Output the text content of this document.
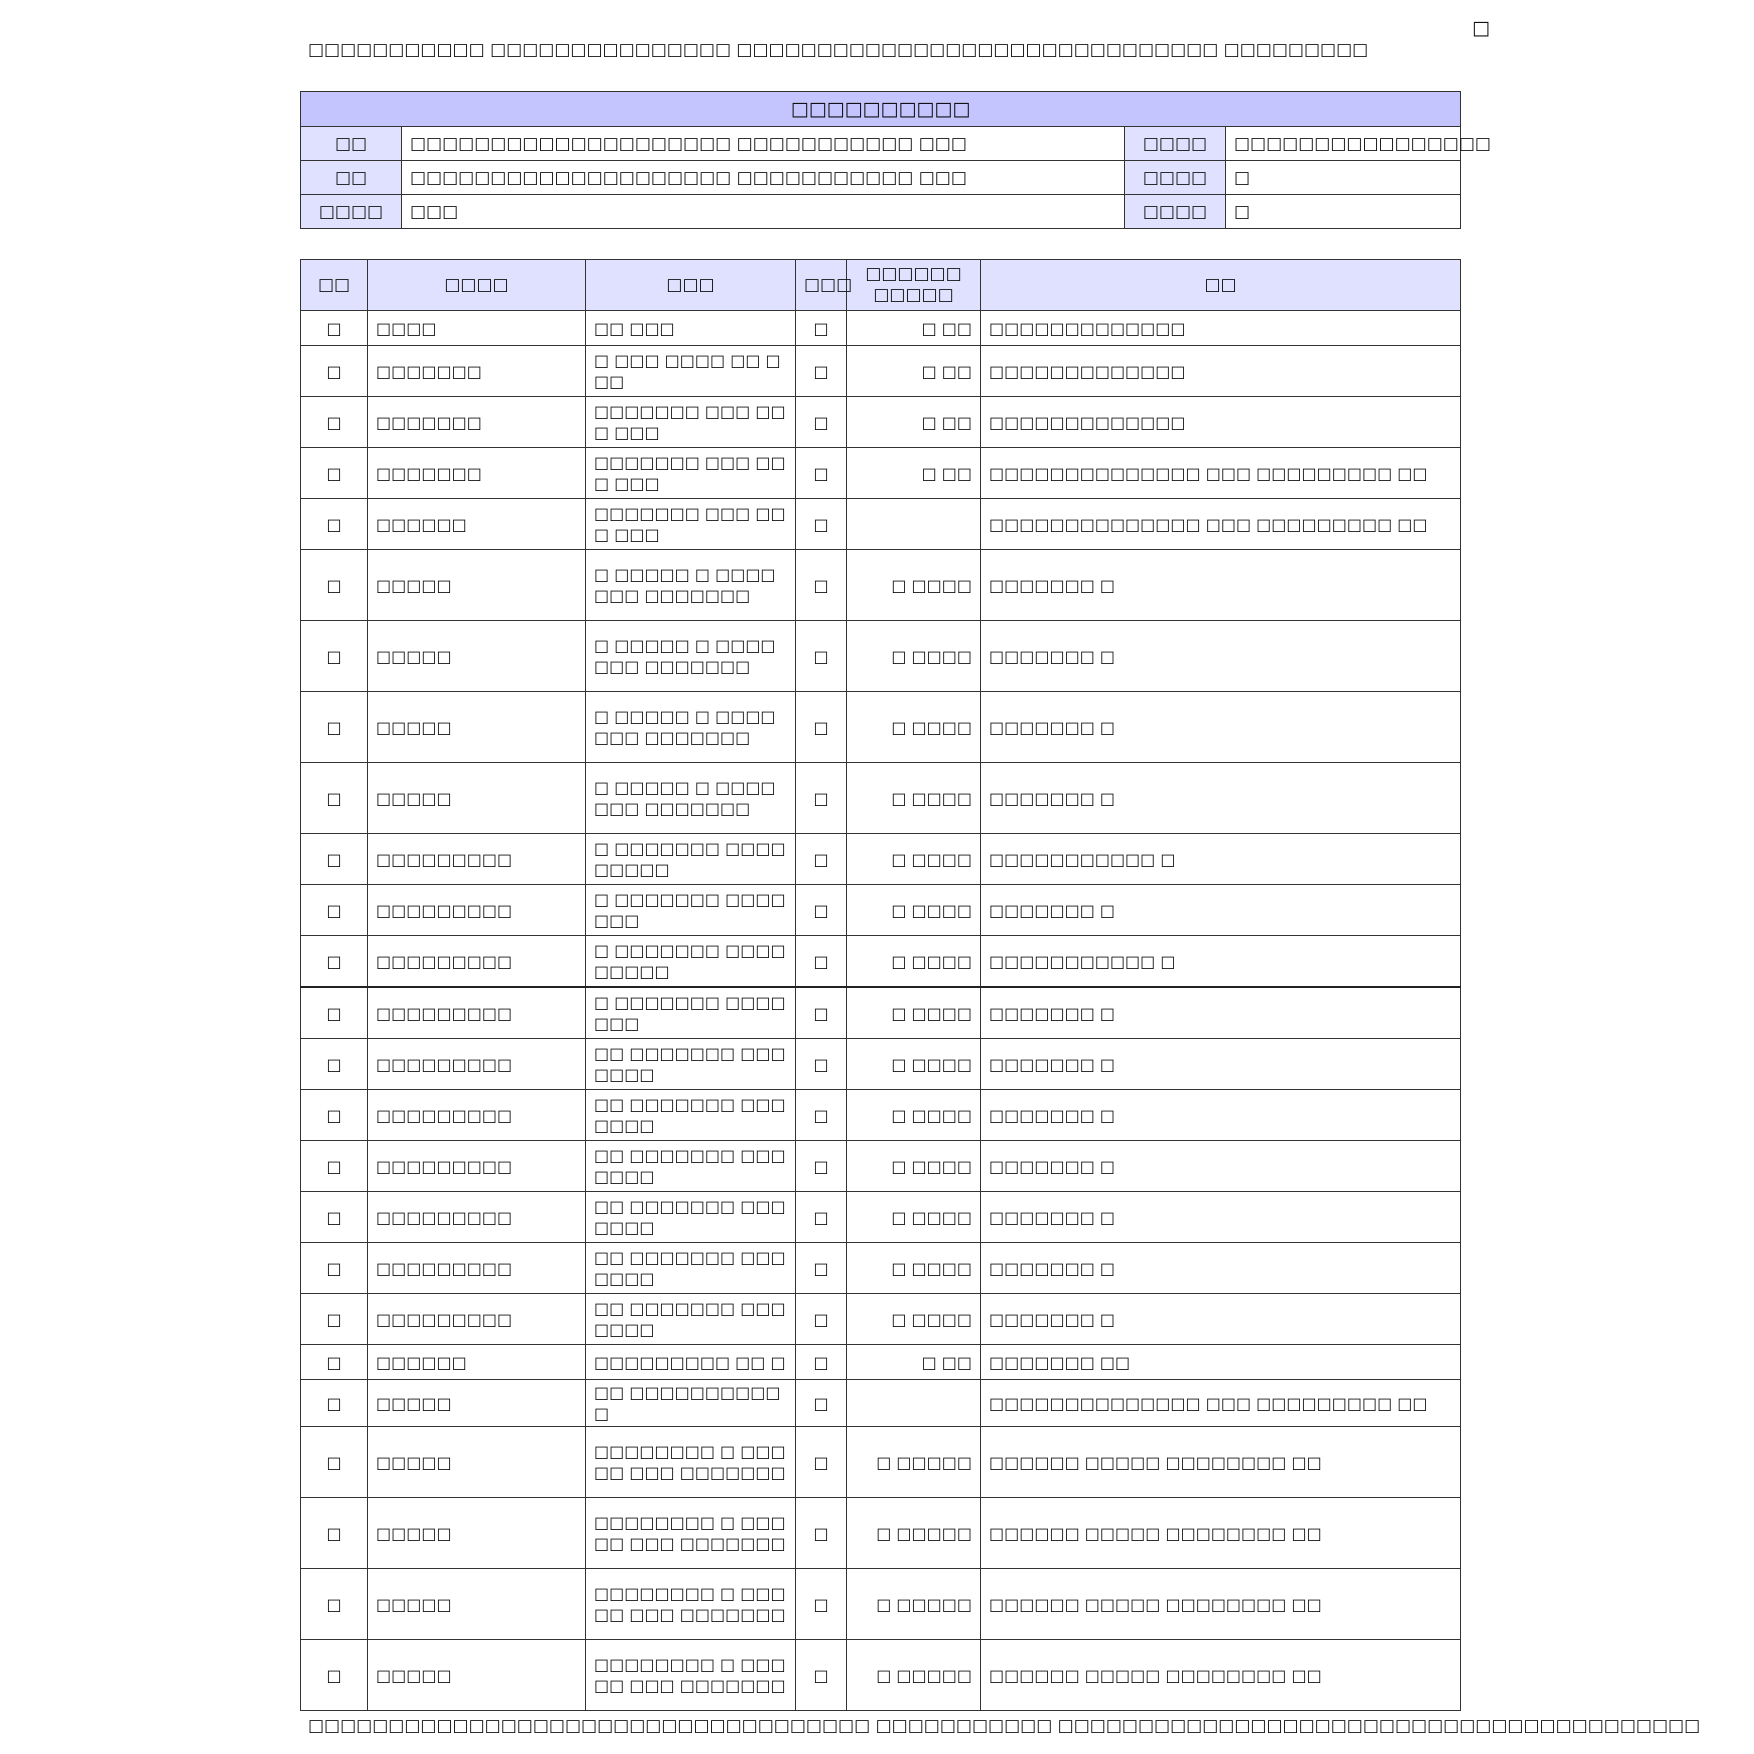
□
□□□□□□□□□□□ □□□□□□□□□□□□□□□ □□□□□□□□□□□□□□□□□□□□□□□□□□□□□□ □□□□□□□□□
□□□□□□□□□□			
□□	□□□□□□□□□□□□□□□□□□□□ □□□□□□□□□□□ □□□	□□□□	□□□□□□□□□□□□□□□□
□□	□□□□□□□□□□□□□□□□□□□□ □□□□□□□□□□□ □□□	□□□□	□
□□□□	□□□	□□□□	□
□□	□□□□	□□□	□□□	□□□□□□ □□□□□	□□
□	□□□□	□□ □□□	□	□ □□	□□□□□□□□□□□□□
□	□□□□□□□	□ □□□ □□□□ □□ □□□	□	□ □□	□□□□□□□□□□□□□
□	□□□□□□□	□□□□□□□ □□□ □□□ □□□	□	□ □□	□□□□□□□□□□□□□
□	□□□□□□□	□□□□□□□ □□□ □□□ □□□	□	□ □□	□□□□□□□□□□□□□□ □□□ □□□□□□□□□ □□
□	□□□□□□	□□□□□□□ □□□ □□□ □□□	□		□□□□□□□□□□□□□□ □□□ □□□□□□□□□ □□
□	□□□□□	□ □□□□□ □ □□□□□□□ □□□□□□□	□	□ □□□□	□□□□□□□ □
□	□□□□□	□ □□□□□ □ □□□□□□□ □□□□□□□	□	□ □□□□	□□□□□□□ □
□	□□□□□	□ □□□□□ □ □□□□□□□ □□□□□□□	□	□ □□□□	□□□□□□□ □
□	□□□□□	□ □□□□□ □ □□□□□□□ □□□□□□□	□	□ □□□□	□□□□□□□ □
□	□□□□□□□□□	□ □□□□□□□ □□□□□□□□□	□	□ □□□□	□□□□□□□□□□□ □
□	□□□□□□□□□	□ □□□□□□□ □□□□□□□	□	□ □□□□	□□□□□□□ □
□	□□□□□□□□□	□ □□□□□□□ □□□□□□□□□	□	□ □□□□	□□□□□□□□□□□ □
□	□□□□□□□□□	□ □□□□□□□ □□□□□□□	□	□ □□□□	□□□□□□□ □
□	□□□□□□□□□	□□ □□□□□□□ □□□□□□□	□	□ □□□□	□□□□□□□ □
□	□□□□□□□□□	□□ □□□□□□□ □□□□□□□	□	□ □□□□	□□□□□□□ □
□	□□□□□□□□□	□□ □□□□□□□ □□□□□□□	□	□ □□□□	□□□□□□□ □
□	□□□□□□□□□	□□ □□□□□□□ □□□□□□□	□	□ □□□□	□□□□□□□ □
□	□□□□□□□□□	□□ □□□□□□□ □□□□□□□	□	□ □□□□	□□□□□□□ □
□	□□□□□□□□□	□□ □□□□□□□ □□□□□□□	□	□ □□□□	□□□□□□□ □
□	□□□□□□	□□□□□□□□□ □□ □	□	□ □□	□□□□□□□ □□
□	□□□□□	□□ □□□□□□□□□□□	□		□□□□□□□□□□□□□□ □□□ □□□□□□□□□ □□
□	□□□□□	□□□□□□□□ □ □□□□□ □□□ □□□□□□□	□	□ □□□□□	□□□□□□ □□□□□ □□□□□□□□ □□
□	□□□□□	□□□□□□□□ □ □□□□□ □□□ □□□□□□□	□	□ □□□□□	□□□□□□ □□□□□ □□□□□□□□ □□
□	□□□□□	□□□□□□□□ □ □□□□□ □□□ □□□□□□□	□	□ □□□□□	□□□□□□ □□□□□ □□□□□□□□ □□
□	□□□□□	□□□□□□□□ □ □□□□□ □□□ □□□□□□□	□	□ □□□□□	□□□□□□ □□□□□ □□□□□□□□ □□
□□□□□□□□□□□□□□□□□□□□□□□□□□□□□□□□□□□ □□□□□□□□□□□ □□□□□□□□□□□□□□□□□□□□□□□□□□□□□□□□□□□□□□□□
